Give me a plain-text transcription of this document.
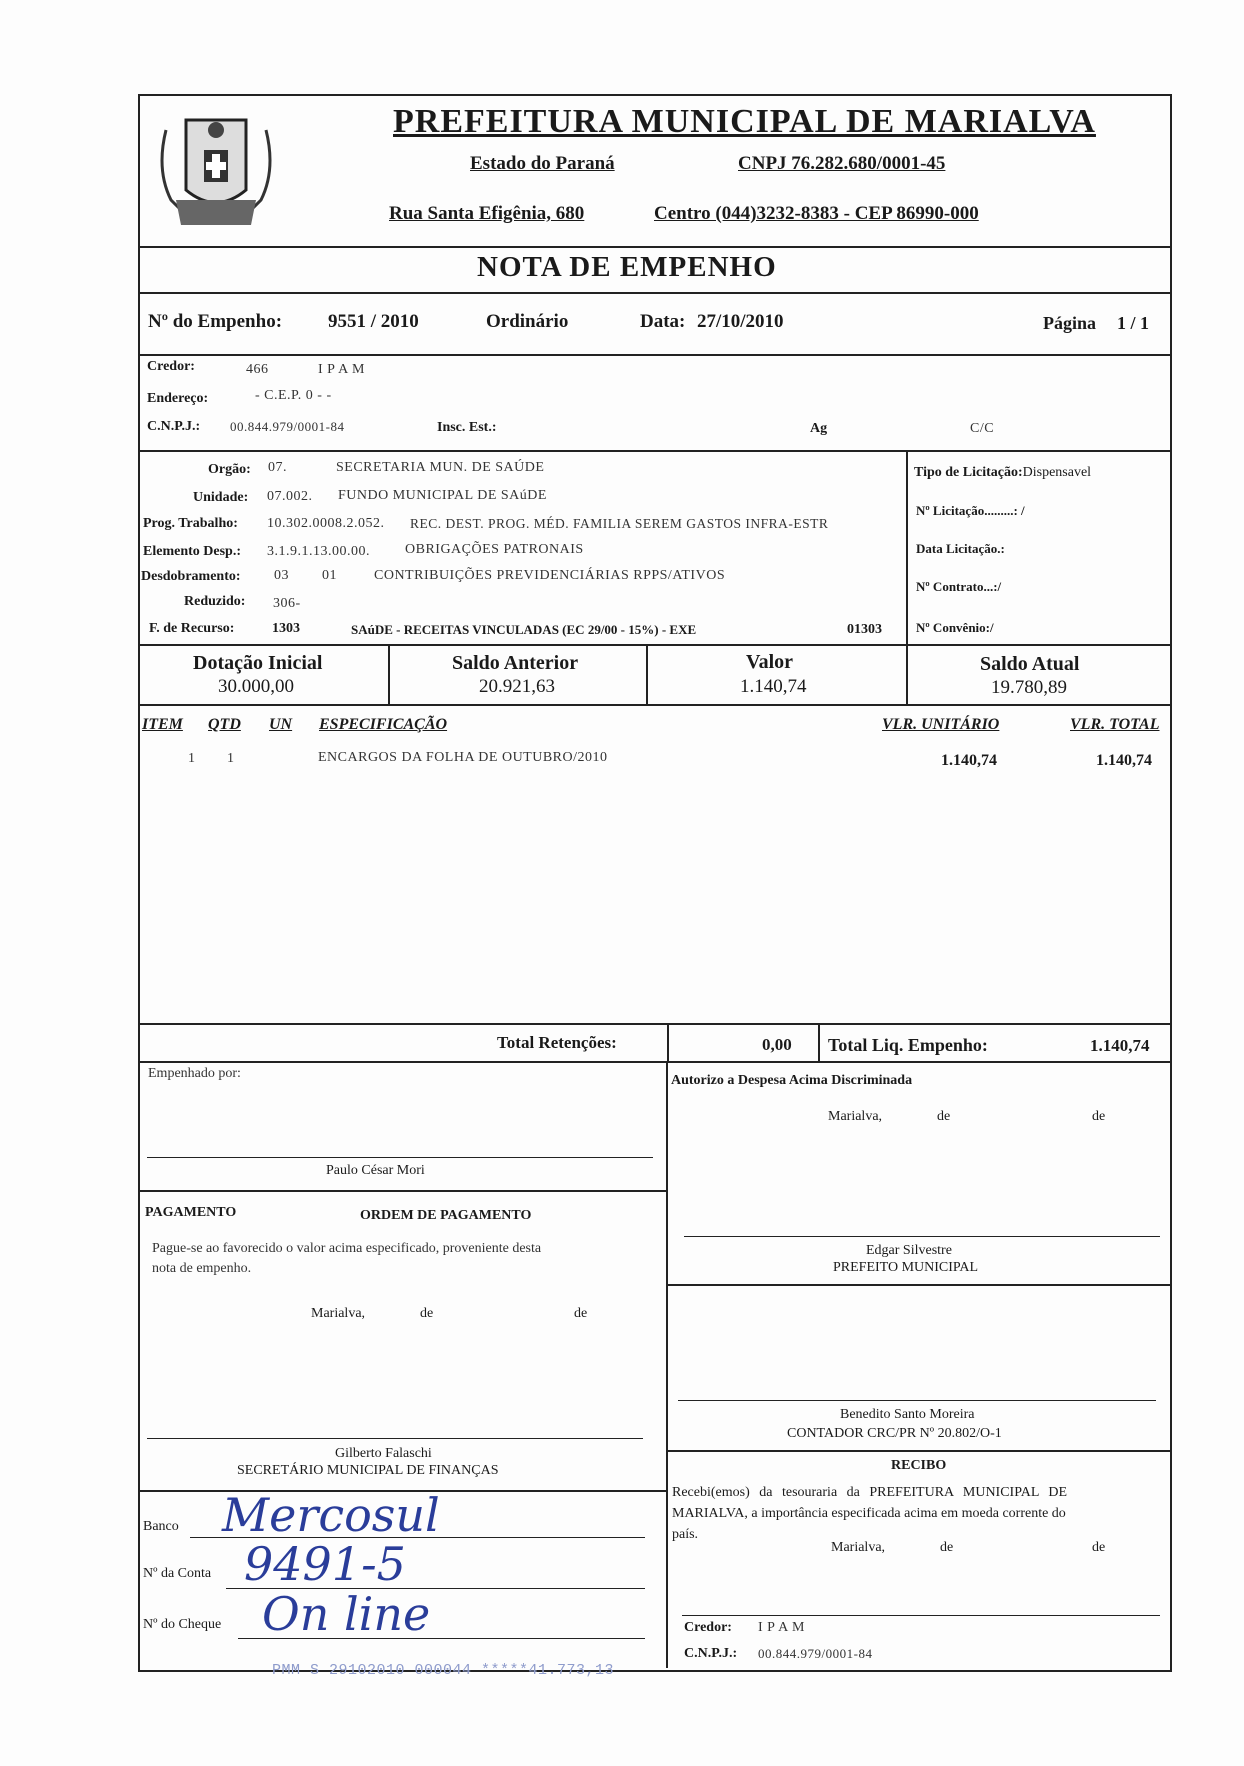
PREFEITURA MUNICIPAL DE MARIALVA
Estado do Paraná	CNPJ 76.282.680/0001-45
Rua Santa Efigênia, 680	Centro (044)3232-8383 - CEP 86990-000
NOTA DE EMPENHO
Nº do Empenho: 9551 / 2010	Ordinário	Data: 27/10/2010	Página 1 / 1
Credor:	466	I P A M
Endereço:	- C.E.P. 0 - -
C.N.P.J.: 00.844.979/0001-84	Insc. Est.:	Ag	C/C
Orgão: 07.	SECRETARIA MUN. DE SAÚDE
Unidade: 07.002. FUNDO MUNICIPAL DE SAúDE
Prog. Trabalho: 10.302.0008.2.052. REC. DEST. PROG. MÉD. FAMILIA SEREM GASTOS INFRA-ESTR
Elemento Desp.: 3.1.9.1.13.00.00.	OBRIGAÇÕES PATRONAIS
Desdobramento: 03 01	CONTRIBUIÇÕES PREVIDENCIÁRIAS RPPS/ATIVOS
Reduzido: 306-
F. de Recurso:	1303	SAúDE - RECEITAS VINCULADAS (EC 29/00 - 15%) - EXE	01303
Tipo de Licitação:Dispensavel
Nº Licitação.........: /
Data Licitação.:
Nº Contrato...:/
Nº Convênio:/
Dotação Inicial
30.000,00
Saldo Anterior
20.921,63
Valor
1.140,74
Saldo Atual
19.780,89
ITEM QTD UN ESPECIFICAÇÃO	VLR. UNITÁRIO	VLR. TOTAL
1 1	ENCARGOS DA FOLHA DE OUTUBRO/2010	1.140,74	1.140,74
Total Retenções:	0,00 Total Liq. Empenho:	1.140,74
Empenhado por:
Paulo César Mori
Autorizo a Despesa Acima Discriminada
Marialva,	de	de
Edgar Silvestre
PREFEITO MUNICIPAL
PAGAMENTO	ORDEM DE PAGAMENTO
Pague-se ao favorecido o valor acima especificado, proveniente desta
nota de empenho.
Marialva,	de	de
Gilberto Falaschi
SECRETÁRIO MUNICIPAL DE FINANÇAS
Benedito Santo Moreira
CONTADOR CRC/PR Nº 20.802/O-1
RECIBO
Recebi(emos) da tesouraria da PREFEITURA MUNICIPAL DE
MARIALVA, a importância especificada acima em moeda corrente do
país.
Marialva,	de	de
Credor: I P A M
C.N.P.J.: 00.844.979/0001-84
Banco Mercosul
Nº da Conta 9491-5
Nº do Cheque On line
PMM S 29102010 000044 *****41.773,13
